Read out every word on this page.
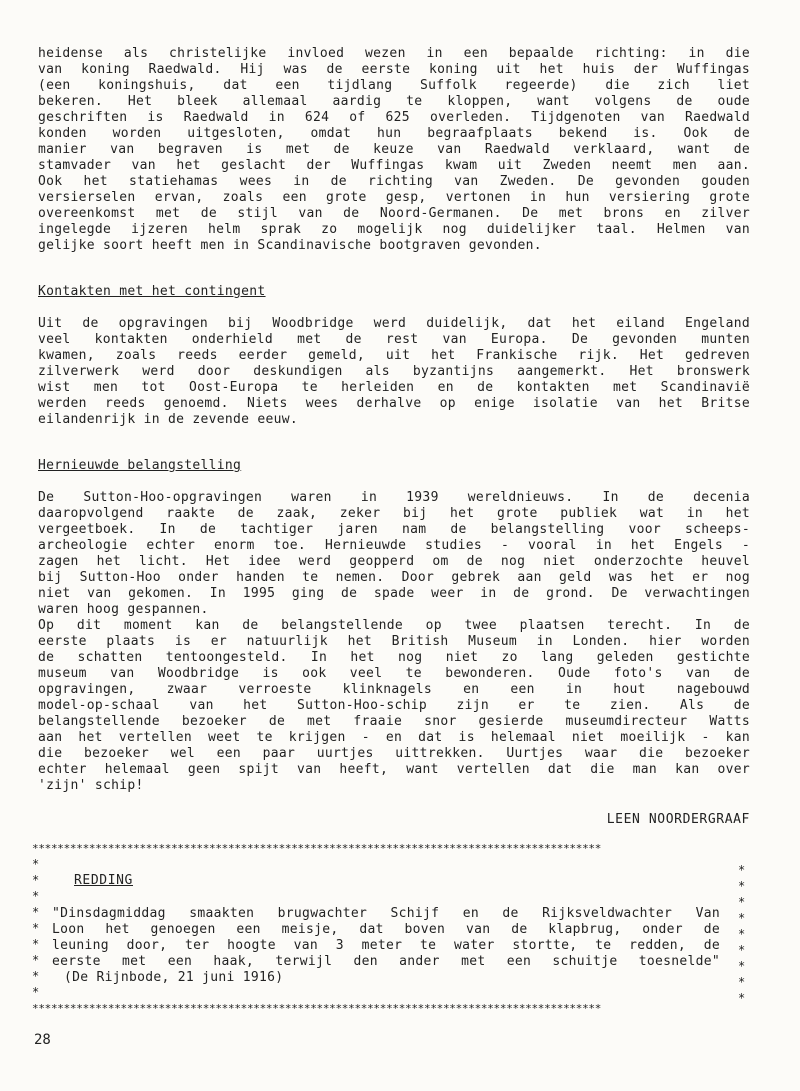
heidense als christelijke invloed wezen in een bepaalde richting: in die
van koning Raedwald. Hij was de eerste koning uit het huis der Wuffingas
(een koningshuis, dat een tijdlang Suffolk regeerde) die zich liet
bekeren. Het bleek allemaal aardig te kloppen, want volgens de oude
geschriften is Raedwald in 624 of 625 overleden. Tijdgenoten van Raedwald
konden worden uitgesloten, omdat hun begraafplaats bekend is. Ook de
manier van begraven is met de keuze van Raedwald verklaard, want de
stamvader van het geslacht der Wuffingas kwam uit Zweden neemt men aan.
Ook het statiehamas wees in de richting van Zweden. De gevonden gouden
versierselen ervan, zoals een grote gesp, vertonen in hun versiering grote
overeenkomst met de stijl van de Noord-Germanen. De met brons en zilver
ingelegde ijzeren helm sprak zo mogelijk nog duidelijker taal. Helmen van
gelijke soort heeft men in Scandinavische bootgraven gevonden.
Kontakten met het contingent
Uit de opgravingen bij Woodbridge werd duidelijk, dat het eiland Engeland
veel kontakten onderhield met de rest van Europa. De gevonden munten
kwamen, zoals reeds eerder gemeld, uit het Frankische rijk. Het gedreven
zilverwerk werd door deskundigen als byzantijns aangemerkt. Het bronswerk
wist men tot Oost-Europa te herleiden en de kontakten met Scandinavië
werden reeds genoemd. Niets wees derhalve op enige isolatie van het Britse
eilandenrijk in de zevende eeuw.
Hernieuwde belangstelling
De Sutton-Hoo-opgravingen waren in 1939 wereldnieuws. In de decenia
daaropvolgend raakte de zaak, zeker bij het grote publiek wat in het
vergeetboek. In de tachtiger jaren nam de belangstelling voor scheeps-
archeologie echter enorm toe. Hernieuwde studies - vooral in het Engels -
zagen het licht. Het idee werd geopperd om de nog niet onderzochte heuvel
bij Sutton-Hoo onder handen te nemen. Door gebrek aan geld was het er nog
niet van gekomen. In 1995 ging de spade weer in de grond. De verwachtingen
waren hoog gespannen.
Op dit moment kan de belangstellende op twee plaatsen terecht. In de
eerste plaats is er natuurlijk het British Museum in Londen. hier worden
de schatten tentoongesteld. In het nog niet zo lang geleden gestichte
museum van Woodbridge is ook veel te bewonderen. Oude foto's van de
opgravingen, zwaar verroeste klinknagels en een in hout nagebouwd
model-op-schaal van het Sutton-Hoo-schip zijn er te zien. Als de
belangstellende bezoeker de met fraaie snor gesierde museumdirecteur Watts
aan het vertellen weet te krijgen - en dat is helemaal niet moeilijk - kan
die bezoeker wel een paar uurtjes uittrekken. Uurtjes waar die bezoeker
echter helemaal geen spijt van heeft, want vertellen dat die man kan over
'zijn' schip!
LEEN NOORDERGRAAF
******************************************************************************************
*
*
*
*
*
*
*
*
*
*
*
*
*
*
*
*
*
*
REDDING
"Dinsdagmiddag smaakten brugwachter Schijf en de Rijksveldwachter Van
Loon het genoegen een meisje, dat boven van de klapbrug, onder de
leuning door, ter hoogte van 3 meter te water stortte, te redden, de
eerste met een haak, terwijl den ander met een schuitje toesnelde"
(De Rijnbode, 21 juni 1916)
******************************************************************************************
28
